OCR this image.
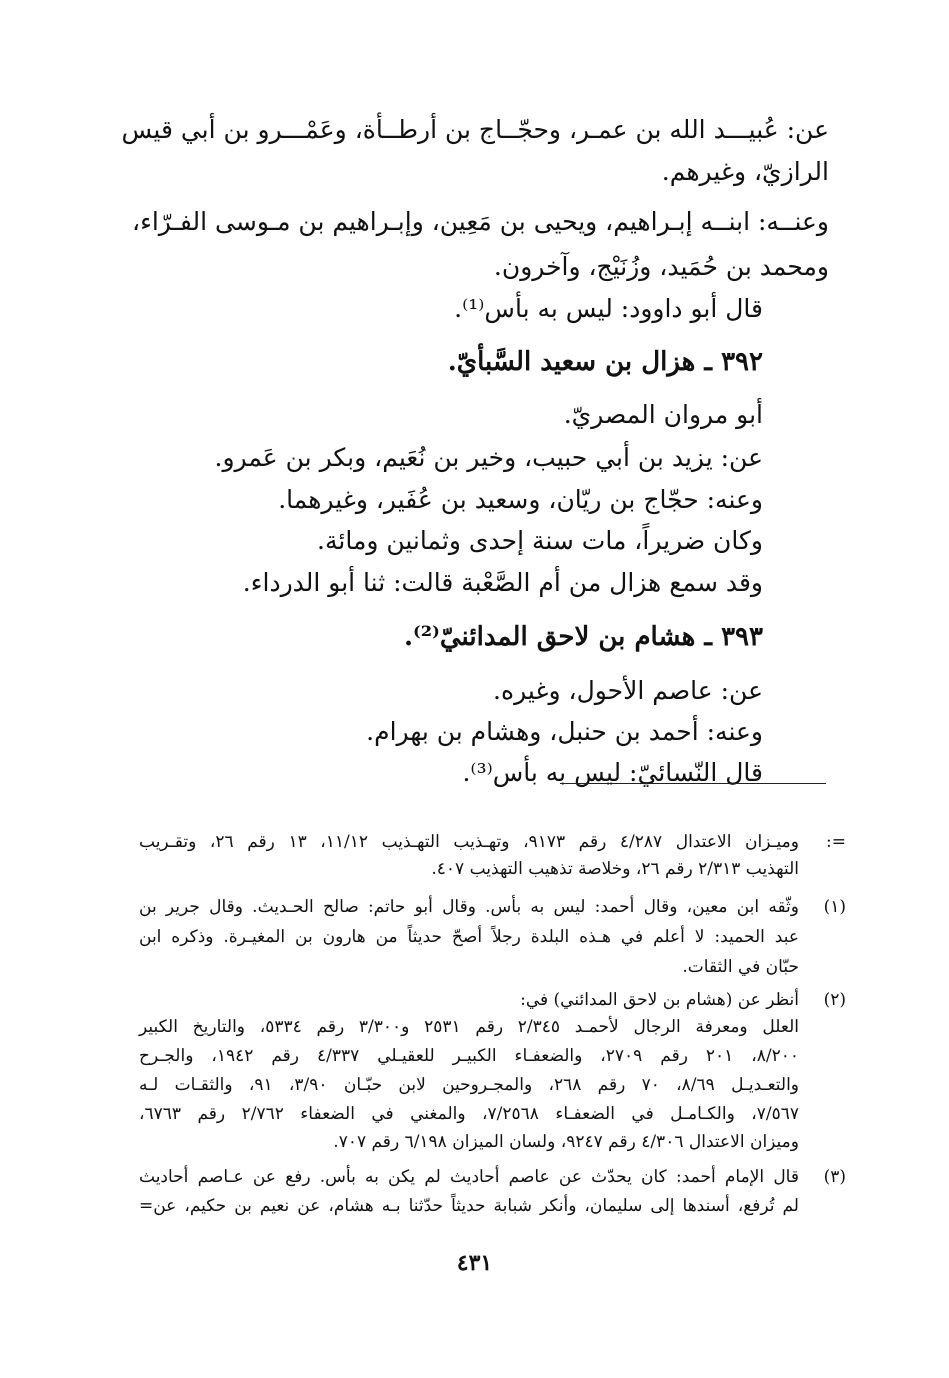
عن: عُبيـــد الله بن عمـر، وحجّــاج بن أرطــأة، وعَمْـــرو بن أبي قيس
الرازيّ، وغيرهم.
وعنــه: ابنــه إبـراهيم، ويحيى بن مَعِين، وإبـراهيم بن مـوسى الفـرّاء،
ومحمد بن حُمَيد، وزُنَيْج، وآخرون.
قال أبو داوود: ليس به بأس⁽¹⁾.
٣٩٢ ـ هزال بن سعيد السَّبأيّ.
أبو مروان المصريّ.
عن: يزيد بن أبي حبيب، وخير بن نُعَيم، وبكر بن عَمرو.
وعنه: حجّاج بن ريّان، وسعيد بن عُفَير، وغيرهما.
وكان ضريراً، مات سنة إحدى وثمانين ومائة.
وقد سمع هزال من أم الصَّعْبة قالت: ثنا أبو الدرداء.
٣٩٣ ـ هشام بن لاحق المدائنيّ⁽²⁾.
عن: عاصم الأحول، وغيره.
وعنه: أحمد بن حنبل، وهشام بن بهرام.
قال النّسائيّ: ليس به بأس⁽³⁾.
=:
وميـزان الاعتدال ٤/٢٨٧ رقم ٩١٧٣، وتهـذيب التهـذيب ١١/١٢، ١٣ رقم ٢٦، وتقـريب
التهذيب ٢/٣١٣ رقم ٢٦، وخلاصة تذهيب التهذيب ٤٠٧.
(١)
وثّقه ابن معين، وقال أحمد: ليس به بأس. وقال أبو حاتم: صالح الحـديث. وقال جرير بن
عبد الحميد: لا أعلم في هـذه البلدة رجلاً أصحّ حديثاً من هارون بن المغيـرة. وذكره ابن
حبّان في الثقات.
(٢)
أنظر عن (هشام بن لاحق المدائني) في:
العلل ومعرفة الرجال لأحمـد ٢/٣٤٥ رقم ٢٥٣١ و٣/٣٠٠ رقم ٥٣٣٤، والتاريخ الكبير
٨/٢٠٠، ٢٠١ رقم ٢٧٠٩، والضعفـاء الكبيـر للعقيـلي ٤/٣٣٧ رقم ١٩٤٢، والجـرح
والتعـديـل ٨/٦٩، ٧٠ رقم ٢٦٨، والمجـروحين لابن حبّـان ٣/٩٠، ٩١، والثقـات لـه
٧/٥٦٧، والكـامـل في الضعفـاء ٧/٢٥٦٨، والمغني في الضعفاء ٢/٧٦٢ رقم ٦٧٦٣،
وميزان الاعتدال ٤/٣٠٦ رقم ٩٢٤٧، ولسان الميزان ٦/١٩٨ رقم ٧٠٧.
(٣)
قال الإمام أحمد: كان يحدّث عن عاصم أحاديث لم يكن به بأس. رفع عن عـاصم أحاديث
لم تُرفع، أسندها إلى سليمان، وأنكر شبابة حديثاً حدّثنا بـه هشام، عن نعيم بن حكيم، عن=
٤٣١
